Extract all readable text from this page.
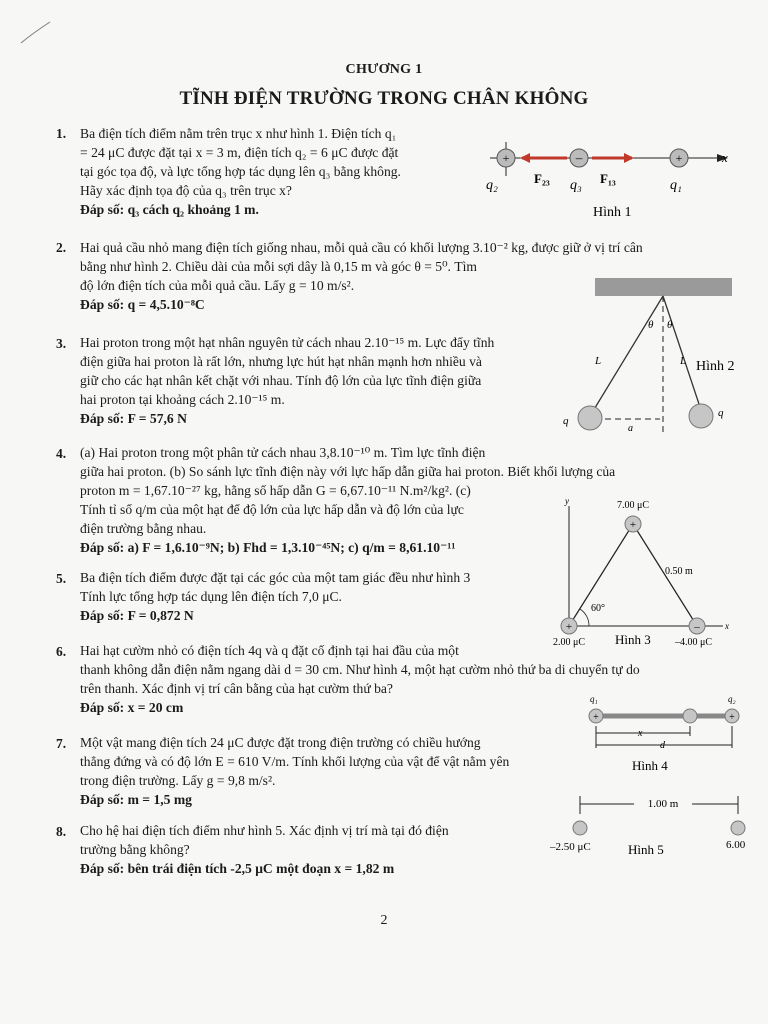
CHƯƠNG 1
TĨNH ĐIỆN TRƯỜNG TRONG CHÂN KHÔNG
1. Ba điện tích điểm nằm trên trục x như hình 1. Điện tích q₁
= 24 μC được đặt tại x = 3 m, điện tích q₂ = 6 μC được đặt
tại góc tọa độ, và lực tổng hợp tác dụng lên q₃ bằng không.
Hãy xác định tọa độ của q₃ trên trục x?
Đáp số: q₃ cách q₂ khoảng 1 m.
x
+	–	+
q₂	F₂₃ q₃ F₁₃	q₁
Hình 1
2. Hai quả cầu nhỏ mang điện tích giống nhau, mỗi quả cầu có khối lượng 3.10⁻² kg, được giữ ở vị trí cân
bằng như hình 2. Chiều dài của mỗi sợi dây là 0,15 m và góc θ = 5⁰. Tìm
độ lớn điện tích của mỗi quả cầu. Lấy g = 10 m/s².
Đáp số: q = 4,5.10⁻⁸C
θ θ
L	L Hình 2
q
q
a
3. Hai proton trong một hạt nhân nguyên tử cách nhau 2.10⁻¹⁵ m. Lực đẩy tĩnh
điện giữa hai proton là rất lớn, nhưng lực hút hạt nhân mạnh hơn nhiều và
giữ cho các hạt nhân kết chặt với nhau. Tính độ lớn của lực tĩnh điện giữa
hai proton tại khoảng cách 2.10⁻¹⁵ m.
Đáp số: F = 57,6 N
4. (a) Hai proton trong một phân tử cách nhau 3,8.10⁻¹⁰ m. Tìm lực tĩnh điện
giữa hai proton. (b) So sánh lực tĩnh điện này với lực hấp dẫn giữa hai proton. Biết khối lượng của
proton m = 1,67.10⁻²⁷ kg, hằng số hấp dẫn G = 6,67.10⁻¹¹ N.m²/kg². (c)
Tính tỉ số q/m của một hạt để độ lớn của lực hấp dẫn và độ lớn của lực
điện trường bằng nhau.
Đáp số: a) F = 1,6.10⁻⁹N; b) Fhd = 1,3.10⁻⁴⁵N; c) q/m = 8,61.10⁻¹¹
y
x
60°
+
+	–
7.00 μC
0.50 m
2.00 μC Hình 3 –4.00 μC
5. Ba điện tích điểm được đặt tại các góc của một tam giác đều như hình 3
Tính lực tổng hợp tác dụng lên điện tích 7,0 μC.
Đáp số: F = 0,872 N
6. Hai hạt cườm nhỏ có điện tích 4q và q đặt cố định tại hai đầu của một
thanh không dẫn điện nằm ngang dài d = 30 cm. Như hình 4, một hạt cườm nhỏ thứ ba di chuyển tự do
trên thanh. Xác định vị trí cân bằng của hạt cườm thứ ba?
Đáp số: x = 20 cm
q₁	q₂
+	+
x
d
Hình 4
7. Một vật mang điện tích 24 μC được đặt trong điện trường có chiều hướng
thẳng đứng và có độ lớn E = 610 V/m. Tính khối lượng của vật để vật nằm yên
trong điện trường. Lấy g = 9,8 m/s².
Đáp số: m = 1,5 mg	1.00 m
–2.50 μC	Hình 5	6.00
8. Cho hệ hai điện tích điểm như hình 5. Xác định vị trí mà tại đó điện
trường bằng không?
Đáp số: bên trái điện tích -2,5 μC một đoạn x = 1,82 m
2
